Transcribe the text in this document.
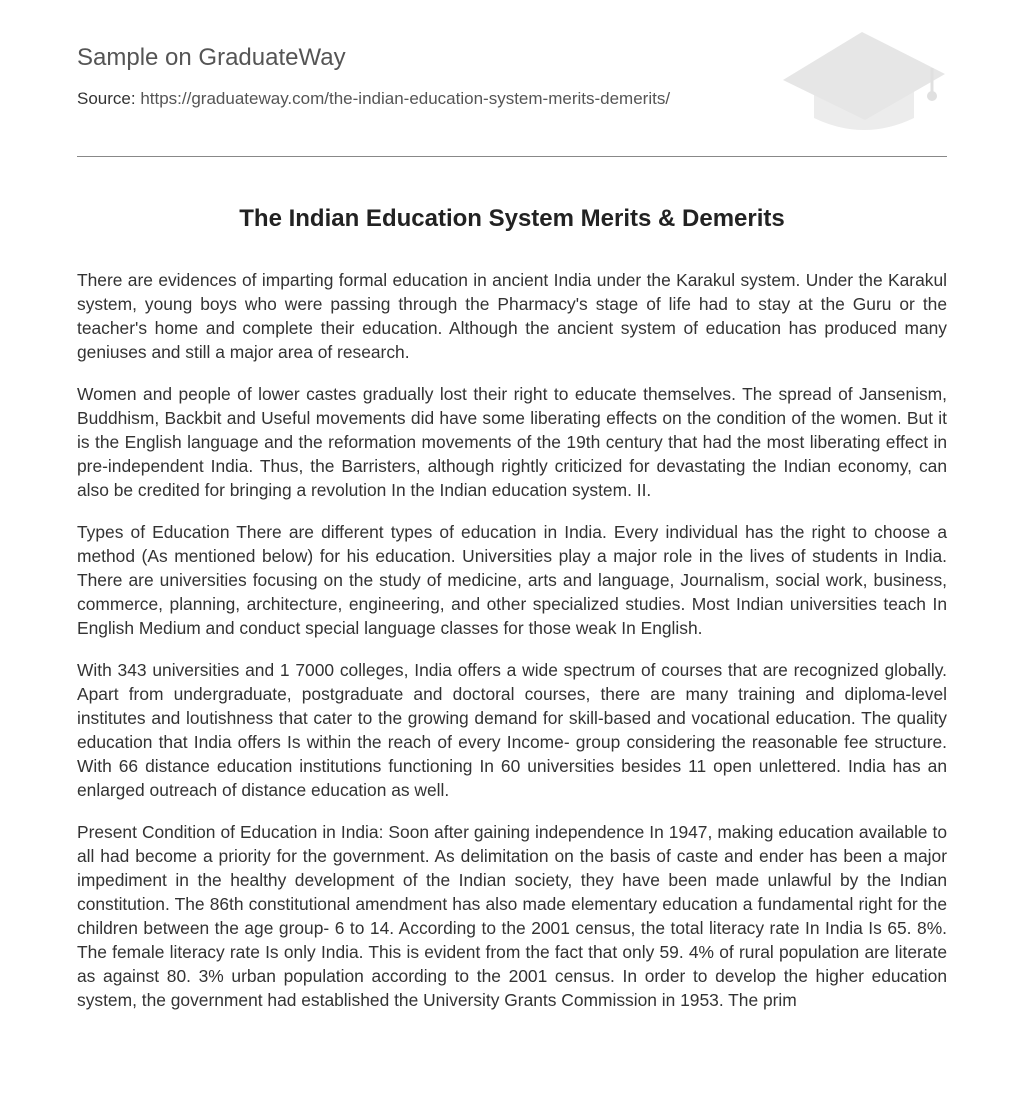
Sample on GraduateWay
Source: https://graduateway.com/the-indian-education-system-merits-demerits/
The Indian Education System Merits & Demerits

There are evidences of imparting formal education in ancient India under the Karakul system. Under the Karakul system, young boys who were passing through the Pharmacy's stage of life had to stay at the Guru or the teacher's home and complete their education. Although the ancient system of education has produced many geniuses and still a major area of research.

Women and people of lower castes gradually lost their right to educate themselves. The spread of Jansenism, Buddhism, Backbit and Useful movements did have some liberating effects on the condition of the women. But it is the English language and the reformation movements of the 19th century that had the most liberating effect in pre-independent India. Thus, the Barristers, although rightly criticized for devastating the Indian economy, can also be credited for bringing a revolution In the Indian education system. II.

Types of Education There are different types of education in India. Every individual has the right to choose a method (As mentioned below) for his education. Universities play a major role in the lives of students in India. There are universities focusing on the study of medicine, arts and language, Journalism, social work, business, commerce, planning, architecture, engineering, and other specialized studies. Most Indian universities teach In English Medium and conduct special language classes for those weak In English.

With 343 universities and 1 7000 colleges, India offers a wide spectrum of courses that are recognized globally. Apart from undergraduate, postgraduate and doctoral courses, there are many training and diploma-level institutes and loutishness that cater to the growing demand for skill-based and vocational education. The quality education that India offers Is within the reach of every Income- group considering the reasonable fee structure. With 66 distance education institutions functioning In 60 universities besides 11 open unlettered. India has an enlarged outreach of distance education as well.

Present Condition of Education in India: Soon after gaining independence In 1947, making education available to all had become a priority for the government. As delimitation on the basis of caste and ender has been a major impediment in the healthy development of the Indian society, they have been made unlawful by the Indian constitution. The 86th constitutional amendment has also made elementary education a fundamental right for the children between the age group- 6 to 14. According to the 2001 census, the total literacy rate In India Is 65. 8%. The female literacy rate Is only India. This is evident from the fact that only 59. 4% of rural population are literate as against 80. 3% urban population according to the 2001 census. In order to develop the higher education system, the government had established the University Grants Commission in 1953. The prim
